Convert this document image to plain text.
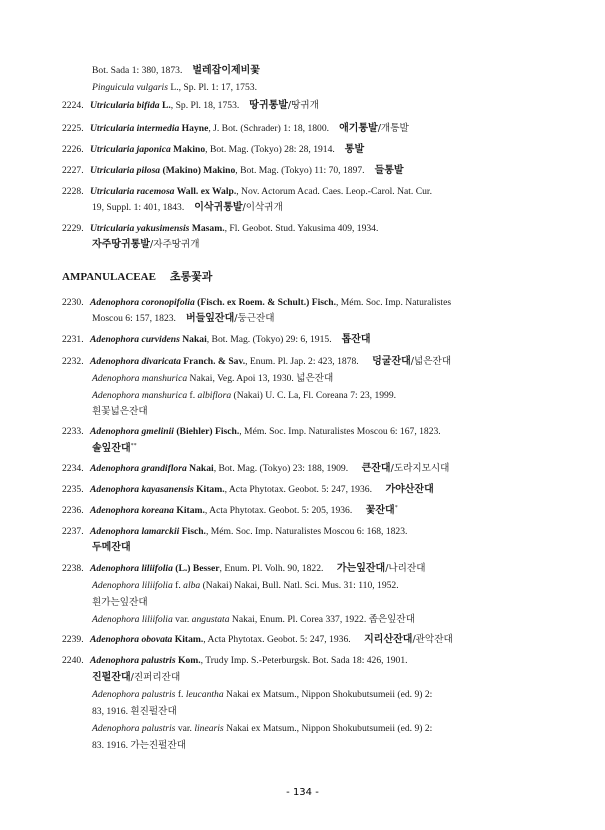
Bot. Sada 1: 380, 1873. 벌레잡이제비꽃
Pinguicula vulgaris L., Sp. Pl. 1: 17, 1753.
2224. Utricularia bifida L., Sp. Pl. 18, 1753. 땅귀통발/땅귀개
2225. Utricularia intermedia Hayne, J. Bot. (Schrader) 1: 18, 1800. 애기통발/개통발
2226. Utricularia japonica Makino, Bot. Mag. (Tokyo) 28: 28, 1914. 통발
2227. Utricularia pilosa (Makino) Makino, Bot. Mag. (Tokyo) 11: 70, 1897. 들통발
2228. Utricularia racemosa Wall. ex Walp., Nov. Actorum Acad. Caes. Leop.-Carol. Nat. Cur.
19, Suppl. 1: 401, 1843. 이삭귀통발/이삭귀개
2229. Utricularia yakusimensis Masam., Fl. Geobot. Stud. Yakusima 409, 1934.
자주땅귀통발/자주땅귀개
AMPANULACEAE 초롱꽃과
2230. Adenophora coronopifolia (Fisch. ex Roem. & Schult.) Fisch., Mém. Soc. Imp. Naturalistes
Moscou 6: 157, 1823. 버들잎잔대/둥근잔대
2231. Adenophora curvidens Nakai, Bot. Mag. (Tokyo) 29: 6, 1915. 톱잔대
2232. Adenophora divaricata Franch. & Sav., Enum. Pl. Jap. 2: 423, 1878. 덩굴잔대/넓은잔대
Adenophora manshurica Nakai, Veg. Apoi 13, 1930. 넓은잔대
Adenophora manshurica f. albiflora (Nakai) U. C. La, Fl. Coreana 7: 23, 1999.
흰꽃넓은잔대
2233. Adenophora gmelinii (Biehler) Fisch., Mém. Soc. Imp. Naturalistes Moscou 6: 167, 1823.
솔잎잔대**
2234. Adenophora grandiflora Nakai, Bot. Mag. (Tokyo) 23: 188, 1909. 큰잔대/도라지모시대
2235. Adenophora kayasanensis Kitam., Acta Phytotax. Geobot. 5: 247, 1936. 가야산잔대
2236. Adenophora koreana Kitam., Acta Phytotax. Geobot. 5: 205, 1936. 꽃잔대*
2237. Adenophora lamarckii Fisch., Mém. Soc. Imp. Naturalistes Moscou 6: 168, 1823.
두메잔대
2238. Adenophora liliifolia (L.) Besser, Enum. Pl. Volh. 90, 1822. 가는잎잔대/나리잔대
Adenophora liliifolia f. alba (Nakai) Nakai, Bull. Natl. Sci. Mus. 31: 110, 1952.
흰가는잎잔대
Adenophora liliifolia var. angustata Nakai, Enum. Pl. Corea 337, 1922. 좁은잎잔대
2239. Adenophora obovata Kitam., Acta Phytotax. Geobot. 5: 247, 1936. 지리산잔대/관악잔대
2240. Adenophora palustris Kom., Trudy Imp. S.-Peterburgsk. Bot. Sada 18: 426, 1901.
진펄잔대/진퍼리잔대
Adenophora palustris f. leucantha Nakai ex Matsum., Nippon Shokubutsumeii (ed. 9) 2:
83, 1916. 흰진펄잔대
Adenophora palustris var. linearis Nakai ex Matsum., Nippon Shokubutsumeii (ed. 9) 2:
83. 1916. 가는진펄잔대
- 134 -
